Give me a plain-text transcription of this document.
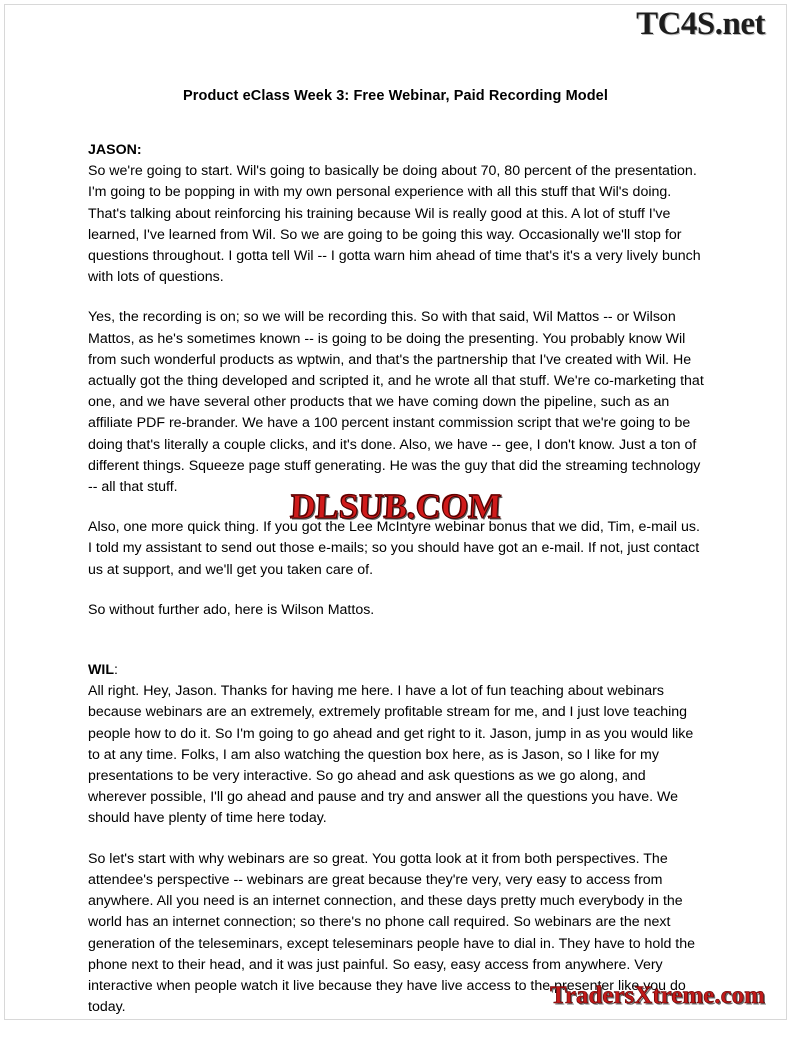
TC4S.net
Product eClass Week 3: Free Webinar, Paid Recording Model

JASON:

So we're going to start. Wil's going to basically be doing about 70, 80 percent of the presentation. I'm going to be popping in with my own personal experience with all this stuff that Wil's doing. That's talking about reinforcing his training because Wil is really good at this. A lot of stuff I've learned, I've learned from Wil. So we are going to be going this way. Occasionally we'll stop for questions throughout. I gotta tell Wil -- I gotta warn him ahead of time that's it's a very lively bunch with lots of questions.

Yes, the recording is on; so we will be recording this. So with that said, Wil Mattos -- or Wilson Mattos, as he's sometimes known -- is going to be doing the presenting. You probably know Wil from such wonderful products as wptwin, and that's the partnership that I've created with Wil. He actually got the thing developed and scripted it, and he wrote all that stuff. We're co-marketing that one, and we have several other products that we have coming down the pipeline, such as an affiliate PDF re-brander. We have a 100 percent instant commission script that we're going to be doing that's literally a couple clicks, and it's done. Also, we have -- gee, I don't know. Just a ton of different things. Squeeze page stuff generating. He was the guy that did the streaming technology -- all that stuff.

Also, one more quick thing. If you got the Lee McIntyre webinar bonus that we did, Tim, e-mail us. I told my assistant to send out those e-mails; so you should have got an e-mail. If not, just contact us at support, and we'll get you taken care of.

So without further ado, here is Wilson Mattos.

WIL:

All right. Hey, Jason. Thanks for having me here. I have a lot of fun teaching about webinars because webinars are an extremely, extremely profitable stream for me, and I just love teaching people how to do it. So I'm going to go ahead and get right to it. Jason, jump in as you would like to at any time. Folks, I am also watching the question box here, as is Jason, so I like for my presentations to be very interactive. So go ahead and ask questions as we go along, and wherever possible, I'll go ahead and pause and try and answer all the questions you have. We should have plenty of time here today.

So let's start with why webinars are so great. You gotta look at it from both perspectives. The attendee's perspective -- webinars are great because they're very, very easy to access from anywhere. All you need is an internet connection, and these days pretty much everybody in the world has an internet connection; so there's no phone call required. So webinars are the next generation of the teleseminars, except teleseminars people have to dial in. They have to hold the phone next to their head, and it was just painful. So easy, easy access from anywhere. Very interactive when people watch it live because they have live access to the presenter like you do today.

DLSUB.COM
TradersXtreme.com
